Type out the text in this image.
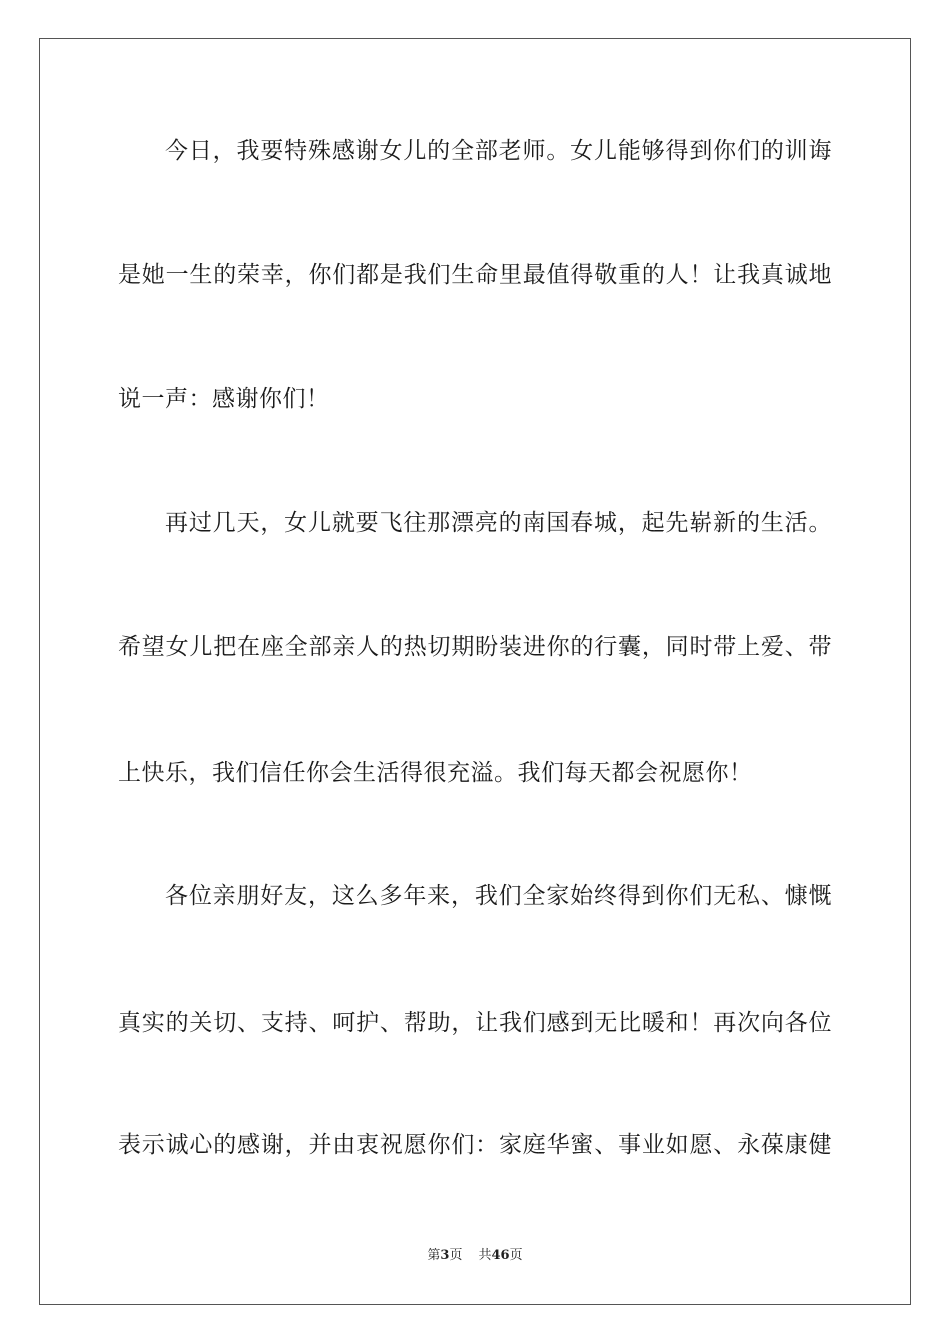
今日，我要特殊感谢女儿的全部老师。女儿能够得到你们的训诲
是她一生的荣幸，你们都是我们生命里最值得敬重的人！让我真诚地
说一声：感谢你们！
再过几天，女儿就要飞往那漂亮的南国春城，起先崭新的生活。
希望女儿把在座全部亲人的热切期盼装进你的行囊，同时带上爱、带
上快乐，我们信任你会生活得很充溢。我们每天都会祝愿你！
各位亲朋好友，这么多年来，我们全家始终得到你们无私、慷慨
真实的关切、支持、呵护、帮助，让我们感到无比暖和！再次向各位
表示诚心的感谢，并由衷祝愿你们：家庭华蜜、事业如愿、永葆康健
第3页 共46页
